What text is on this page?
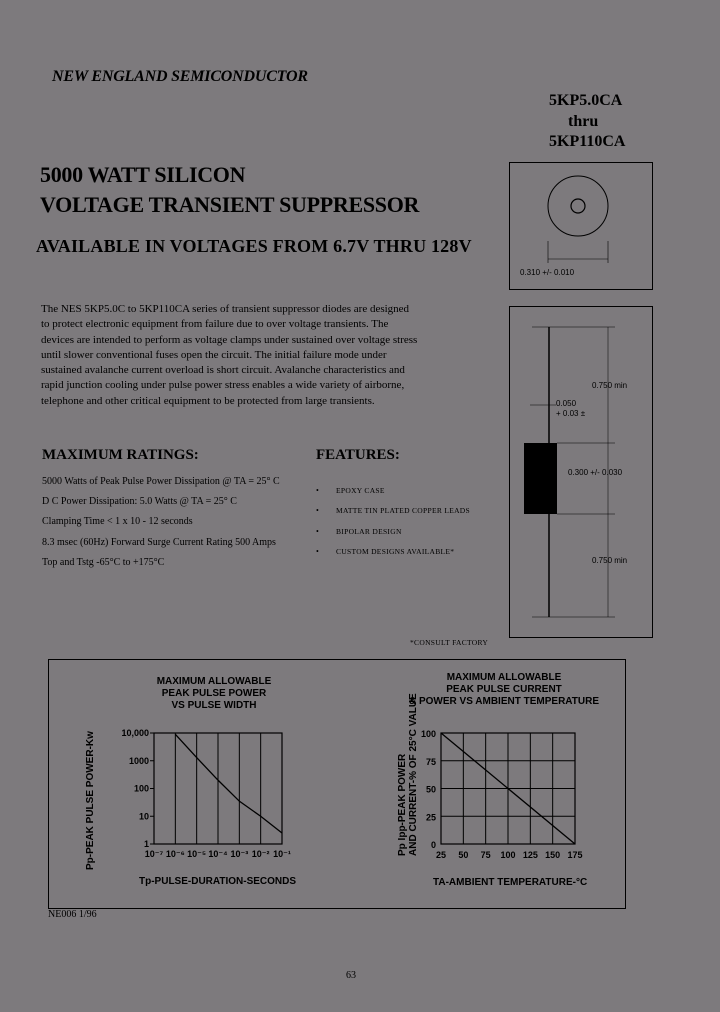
NEW ENGLAND SEMICONDUCTOR
5KP5.0CA
thru
5KP110CA
5000 WATT SILICON
VOLTAGE TRANSIENT SUPPRESSOR
AVAILABLE IN VOLTAGES FROM 6.7V THRU 128V
The NES 5KP5.0C to 5KP110CA series of transient suppressor diodes are designed
to protect electronic equipment from failure due to over voltage transients. The
devices are intended to perform as voltage clamps under sustained over voltage stress
until slower conventional fuses open the circuit. The initial failure mode under
sustained avalanche current overload is short circuit. Avalanche characteristics and
rapid junction cooling under pulse power stress enables a wide variety of airborne,
telephone and other critical equipment to be protected from large transients.
MAXIMUM RATINGS:
5000 Watts of Peak Pulse Power Dissipation @ TA = 25° C
D C Power Dissipation: 5.0 Watts @ TA = 25° C
Clamping Time < 1 x 10 - 12 seconds
8.3 msec (60Hz) Forward Surge Current Rating 500 Amps
Top and Tstg -65°C to +175°C
FEATURES:
• EPOXY CASE
• MATTE TIN PLATED COPPER LEADS
• BIPOLAR DESIGN
• CUSTOM DESIGNS AVAILABLE*
*CONSULT FACTORY
0.310 +/- 0.010
0.750 min
0.050
+ 0.03 ±
0.300 +/- 0.030
0.750 min
MAXIMUM ALLOWABLE
PEAK PULSE POWER
VS PULSE WIDTH
MAXIMUM ALLOWABLE
PEAK PULSE CURRENT
& POWER VS AMBIENT TEMPERATURE
10⁻⁷ 10⁻⁶ 10⁻⁵ 10⁻⁴ 10⁻³ 10⁻² 10⁻¹
10,000
1000
100
10
1
25 50 75 100 125 150 175
100
75
50
25
0
Tp-PULSE-DURATION-SECONDS	TA-AMBIENT TEMPERATURE-°C
Pp-PEAK PULSE POWER-Kw	Pp Ipp-PEAK POWER AND CURRENT-% OF 25°C VALUE
NE006 1/96
63
